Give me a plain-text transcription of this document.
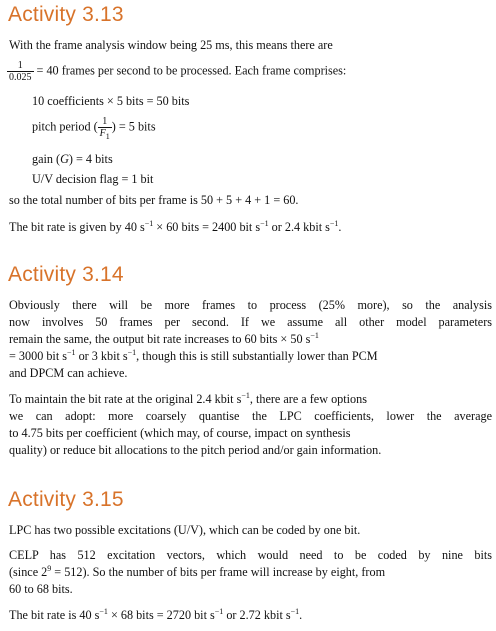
Activity 3.13
With the frame analysis window being 25 ms, this means there are
$\frac{1}{0.025} = 40$ frames per second to be processed. Each frame comprises:
10 coefficients × 5 bits = 50 bits
pitch period ( $\frac{1}{F_1}$ ) = 5 bits
gain (G) = 4 bits
U/V decision flag = 1 bit
so the total number of bits per frame is 50 + 5 + 4 + 1 = 60.
The bit rate is given by 40 $s^{-1} \times 60$ bits = 2400 bit $s^{-1}$ or 2.4 kbit $s^{-1}$.
Activity 3.14
Obviously there will be more frames to process (25% more), so the analysis
now involves 50 frames per second. If we assume all other model parameters
remain the same, the output bit rate increases to 60 bits × 50 $s^{-1}$
= 3000 bit $s^{-1}$ or 3 kbit $s^{-1}$, though this is still substantially lower than PCM
and DPCM can achieve.
To maintain the bit rate at the original 2.4 kbit $s^{-1}$, there are a few options
we can adopt: more coarsely quantise the LPC coefficients, lower the average
to 4.75 bits per coefficient (which may, of course, impact on synthesis
quality) or reduce bit allocations to the pitch period and/or gain information.
Activity 3.15
LPC has two possible excitations (U/V), which can be coded by one bit.
CELP has 512 excitation vectors, which would need to be coded by nine bits
(since $2^9 = 512$). So the number of bits per frame will increase by eight, from
60 to 68 bits.
The bit rate is 40 $s^{-1} \times 68$ bits = 2720 bit $s^{-1}$ or 2.72 kbit $s^{-1}$.
